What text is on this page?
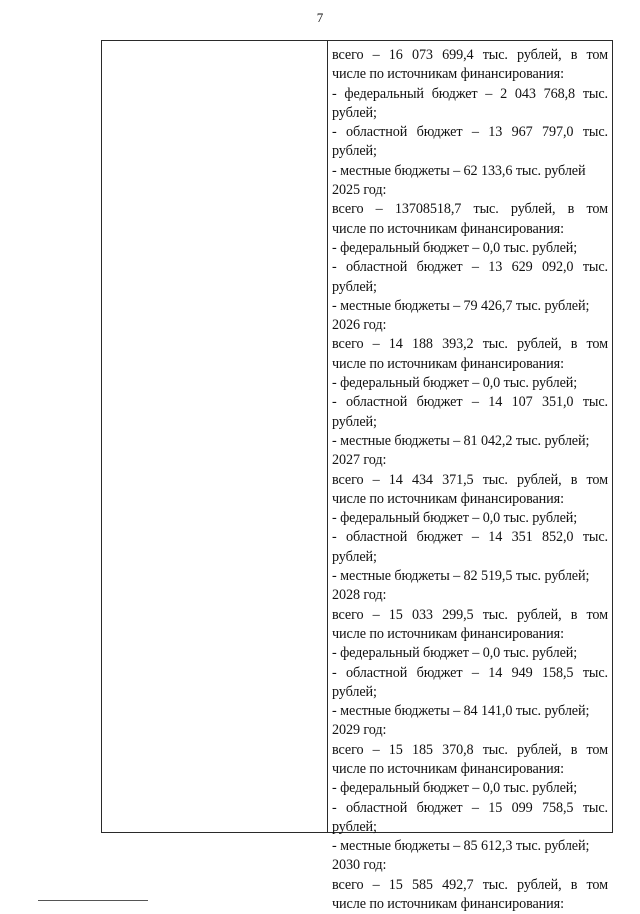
7
всего – 16 073 699,4 тыс. рублей, в том
числе по источникам финансирования:
- федеральный бюджет – 2 043 768,8 тыс.
рублей;
- областной бюджет – 13 967 797,0 тыс.
рублей;
- местные бюджеты – 62 133,6 тыс. рублей
2025 год:
всего – 13708518,7 тыс. рублей, в том
числе по источникам финансирования:
- федеральный бюджет – 0,0 тыс. рублей;
- областной бюджет – 13 629 092,0 тыс.
рублей;
- местные бюджеты – 79 426,7 тыс. рублей;
2026 год:
всего – 14 188 393,2 тыс. рублей, в том
числе по источникам финансирования:
- федеральный бюджет – 0,0 тыс. рублей;
- областной бюджет – 14 107 351,0 тыс.
рублей;
- местные бюджеты – 81 042,2 тыс. рублей;
2027 год:
всего – 14 434 371,5 тыс. рублей, в том
числе по источникам финансирования:
- федеральный бюджет – 0,0 тыс. рублей;
- областной бюджет – 14 351 852,0 тыс.
рублей;
- местные бюджеты – 82 519,5 тыс. рублей;
2028 год:
всего – 15 033 299,5 тыс. рублей, в том
числе по источникам финансирования:
- федеральный бюджет – 0,0 тыс. рублей;
- областной бюджет – 14 949 158,5 тыс.
рублей;
- местные бюджеты – 84 141,0 тыс. рублей;
2029 год:
всего – 15 185 370,8 тыс. рублей, в том
числе по источникам финансирования:
- федеральный бюджет – 0,0 тыс. рублей;
- областной бюджет – 15 099 758,5 тыс.
рублей;
- местные бюджеты – 85 612,3 тыс. рублей;
2030 год:
всего – 15 585 492,7 тыс. рублей, в том
числе по источникам финансирования:
